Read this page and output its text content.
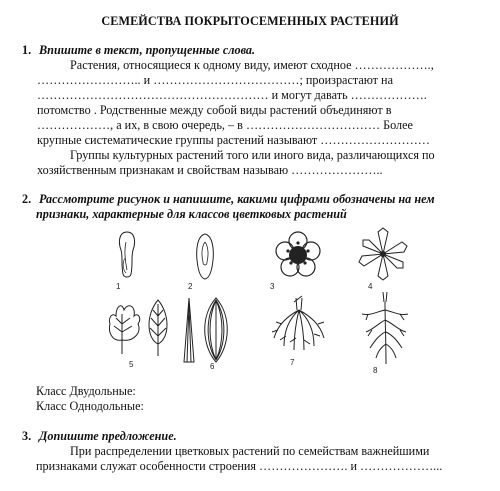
СЕМЕЙСТВА ПОКРЫТОСЕМЕННЫХ РАСТЕНИЙ
1. Впишите в текст, пропущенные слова.
Растения, относящиеся к одному виду, имеют сходное ……………….,
…………………….. и ………………………………; произрастают на
………………………………………………… и могут давать ……………….
потомство . Родственные между собой виды растений объединяют в
………………, а их, в свою очередь, – в …………………………… Более
крупные систематические группы растений называют ………………………
Группы культурных растений того или иного вида, различающихся по
хозяйственным признакам и свойствам называю …………………..
2. Рассмотрите рисунок и напишите, какими цифрами обозначены на нем
признаки, характерные для классов цветковых растений
1	2	3	4
5	6	7
8
Класс Двудольные:
Класс Однодольные:
3. Допишите предложение.
При распределении цветковых растений по семействам важнейшими
признаками служат особенности строения …………………. и ………………...
